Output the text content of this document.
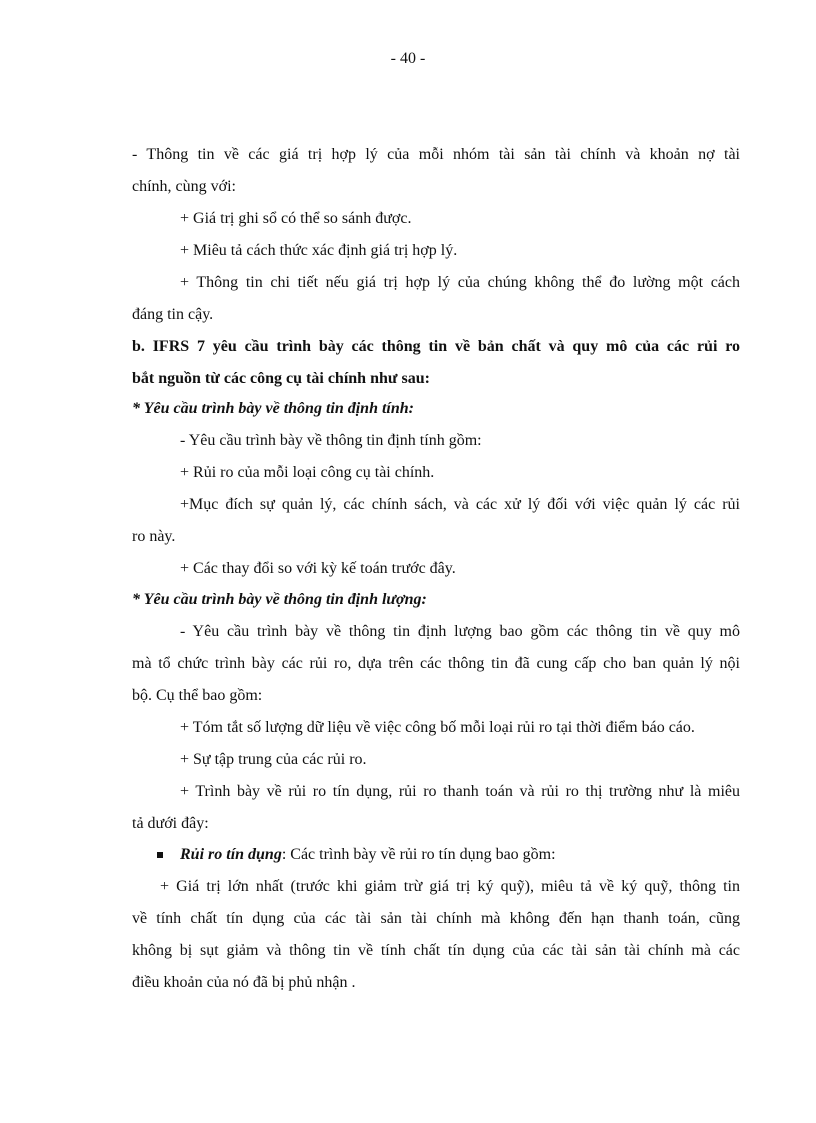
- 40 -
- Thông tin về các giá trị hợp lý của mỗi nhóm tài sản tài chính và khoản nợ tài
chính, cùng với:
+ Giá trị ghi sổ có thể so sánh được.
+ Miêu tả cách thức xác định giá trị hợp lý.
+ Thông tin chi tiết nếu giá trị hợp lý của chúng không thể đo lường một cách
đáng tin cậy.
b. IFRS 7 yêu cầu trình bày các thông tin về bản chất và quy mô của các rủi ro
bắt nguồn từ các công cụ tài chính như sau:
* Yêu cầu trình bày về thông tin định tính:
- Yêu cầu trình bày về thông tin định tính gồm:
+ Rủi ro của mỗi loại công cụ tài chính.
+Mục đích sự quản lý, các chính sách, và các xử lý đối với việc quản lý các rủi
ro này.
+ Các thay đổi so với kỳ kế toán trước đây.
* Yêu cầu trình bày về thông tin định lượng:
- Yêu cầu trình bày về thông tin định lượng bao gồm các thông tin về quy mô
mà tổ chức trình bày các rủi ro, dựa trên các thông tin đã cung cấp cho ban quản lý nội
bộ. Cụ thể bao gồm:
+ Tóm tắt số lượng dữ liệu về việc công bố mỗi loại rủi ro tại thời điểm báo cáo.
+ Sự tập trung của các rủi ro.
+ Trình bày về rủi ro tín dụng, rủi ro thanh toán và rủi ro thị trường như là miêu
tả dưới đây:
Rủi ro tín dụng: Các trình bày về rủi ro tín dụng bao gồm:
+ Giá trị lớn nhất (trước khi giảm trừ giá trị ký quỹ), miêu tả về ký quỹ, thông tin
về tính chất tín dụng của các tài sản tài chính mà không đến hạn thanh toán, cũng
không bị sụt giảm và thông tin về tính chất tín dụng của các tài sản tài chính mà các
điều khoản của nó đã bị phủ nhận .
